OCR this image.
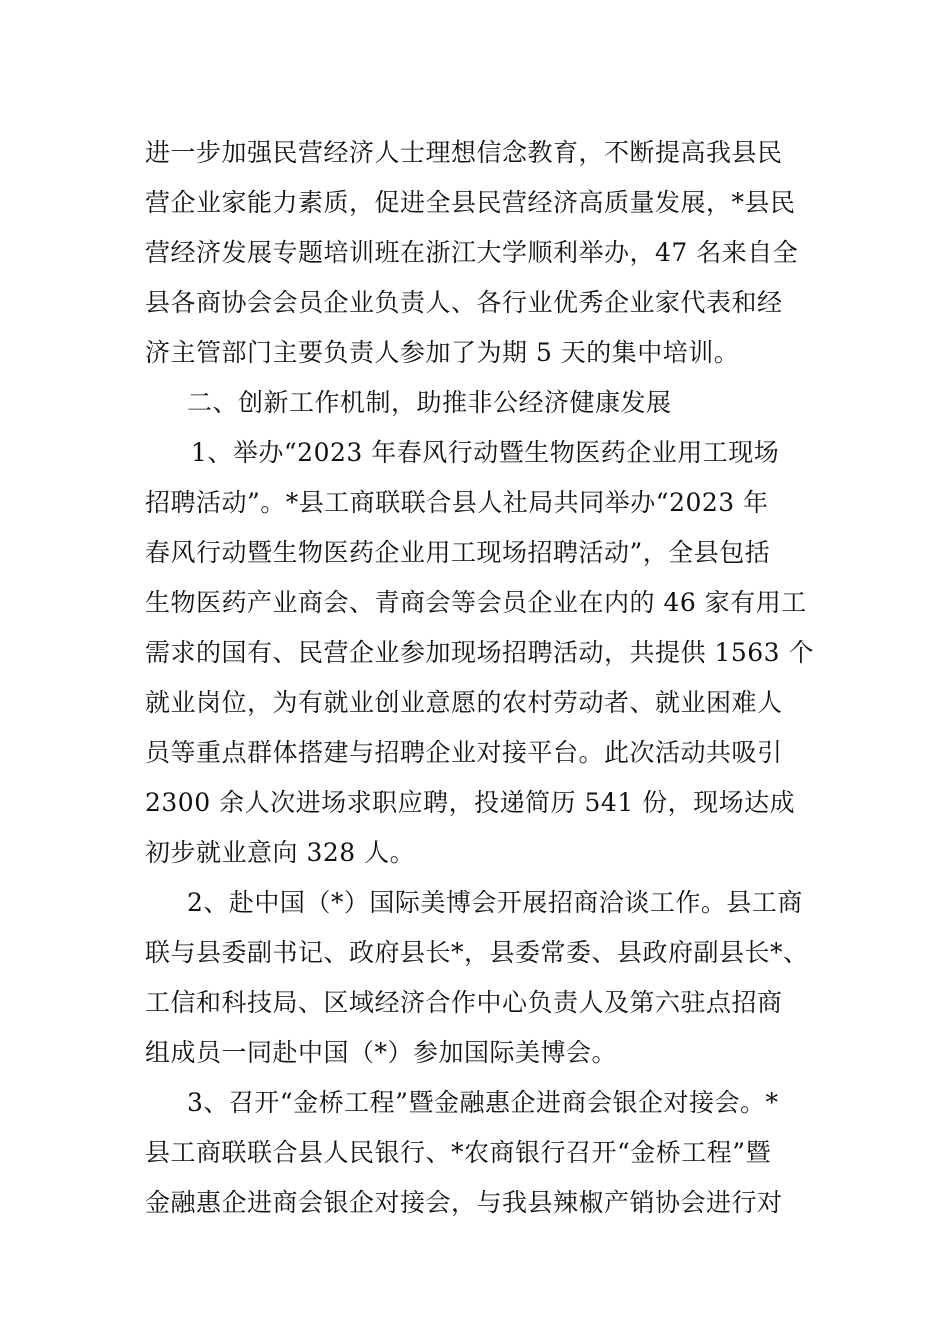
进一步加强民营经济人士理想信念教育，不断提高我县民
营企业家能力素质，促进全县民营经济高质量发展，*县民
营经济发展专题培训班在浙江大学顺利举办，47 名来自全
县各商协会会员企业负责人、各行业优秀企业家代表和经
济主管部门主要负责人参加了为期 5 天的集中培训。
二、创新工作机制，助推非公经济健康发展
1、举办“2023 年春风行动暨生物医药企业用工现场
招聘活动”。*县工商联联合县人社局共同举办“2023 年
春风行动暨生物医药企业用工现场招聘活动”，全县包括
生物医药产业商会、青商会等会员企业在内的 46 家有用工
需求的国有、民营企业参加现场招聘活动，共提供 1563 个
就业岗位，为有就业创业意愿的农村劳动者、就业困难人
员等重点群体搭建与招聘企业对接平台。此次活动共吸引
2300 余人次进场求职应聘，投递简历 541 份，现场达成
初步就业意向 328 人。
2、赴中国（*）国际美博会开展招商洽谈工作。县工商
联与县委副书记、政府县长*，县委常委、县政府副县长*、
工信和科技局、区域经济合作中心负责人及第六驻点招商
组成员一同赴中国（*）参加国际美博会。
3、召开“金桥工程”暨金融惠企进商会银企对接会。*
县工商联联合县人民银行、*农商银行召开“金桥工程”暨
金融惠企进商会银企对接会，与我县辣椒产销协会进行对
